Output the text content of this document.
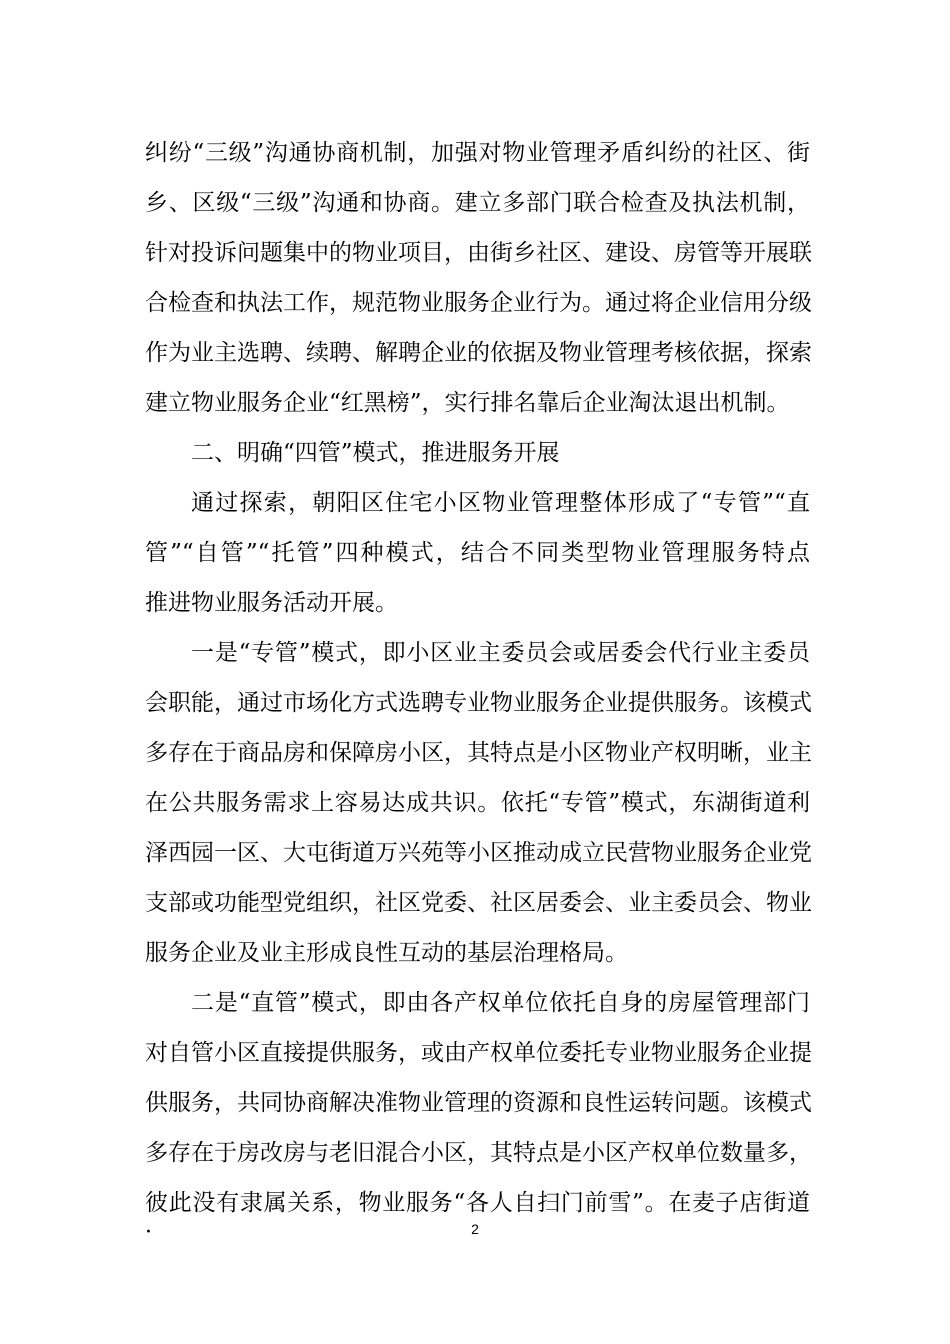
纠纷“三级”沟通协商机制，加强对物业管理矛盾纠纷的社区、街
乡、区级“三级”沟通和协商。建立多部门联合检查及执法机制，
针对投诉问题集中的物业项目，由街乡社区、建设、房管等开展联
合检查和执法工作，规范物业服务企业行为。通过将企业信用分级
作为业主选聘、续聘、解聘企业的依据及物业管理考核依据，探索
建立物业服务企业“红黑榜”，实行排名靠后企业淘汰退出机制。
二、明确“四管”模式，推进服务开展
通过探索，朝阳区住宅小区物业管理整体形成了“专管”“直
管”“自管”“托管”四种模式，结合不同类型物业管理服务特点
推进物业服务活动开展。
一是“专管”模式，即小区业主委员会或居委会代行业主委员
会职能，通过市场化方式选聘专业物业服务企业提供服务。该模式
多存在于商品房和保障房小区，其特点是小区物业产权明晰，业主
在公共服务需求上容易达成共识。依托“专管”模式，东湖街道利
泽西园一区、大屯街道万兴苑等小区推动成立民营物业服务企业党
支部或功能型党组织，社区党委、社区居委会、业主委员会、物业
服务企业及业主形成良性互动的基层治理格局。
二是“直管”模式，即由各产权单位依托自身的房屋管理部门
对自管小区直接提供服务，或由产权单位委托专业物业服务企业提
供服务，共同协商解决准物业管理的资源和良性运转问题。该模式
多存在于房改房与老旧混合小区，其特点是小区产权单位数量多，
彼此没有隶属关系，物业服务“各人自扫门前雪”。在麦子店街道
·	2
